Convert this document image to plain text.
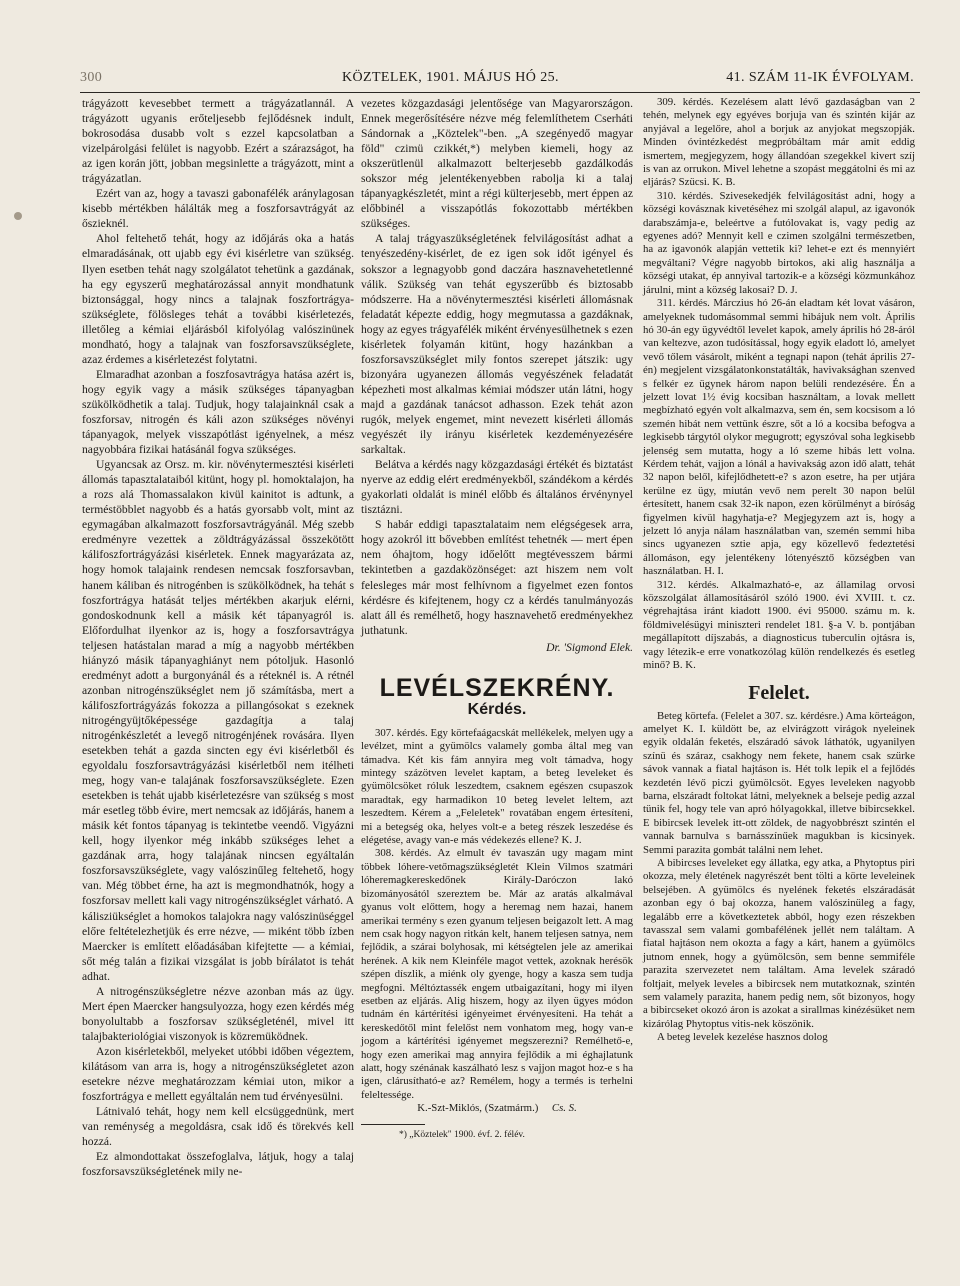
300	KÖZTELEK, 1901. MÁJUS HÓ 25.	41. SZÁM 11-IK ÉVFOLYAM.

trágyázott kevesebbet termett a trágyázatlannál. A trágyázott ugyanis erőteljesebb fejlődésnek indult, bokrosodása dusabb volt s ezzel kapcsolatban a vizelpárolgási felület is nagyobb. Ezért a szárazságot, ha az igen korán jött, jobban megsinlette a trágyázott, mint a trágyázatlan.

Ezért van az, hogy a tavaszi gabonafélék aránylagosan kisebb mértékben hálálták meg a foszforsavtrágyát az őszieknél.

Ahol feltehető tehát, hogy az időjárás oka a hatás elmaradásának, ott ujabb egy évi kisérletre van szükség. Ilyen esetben tehát nagy szolgálatot tehetünk a gazdának, ha egy egyszerű meghatározással annyit mondhatunk biztonsággal, hogy nincs a talajnak foszfortrágya-szükséglete, fölösleges tehát a további kisérletezés, illetőleg a kémiai eljárásból kifolyólag valószinünek mondható, hogy a talajnak van foszforsavszükséglete, azaz érdemes a kisérletezést folytatni.

Elmaradhat azonban a foszfosavtrágya hatása azért is, hogy egyik vagy a másik szükséges tápanyagban szükölködhetik a talaj. Tudjuk, hogy talajainknál csak a foszforsav, nitrogén és káli azon szükséges növényi tápanyagok, melyek visszapótlást igényelnek, a mész nagyobbára fizikai hatásánál fogva szükséges.

Ugyancsak az Orsz. m. kir. növénytermesztési kisérleti állomás tapasztalataiból kitünt, hogy pl. homoktalajon, ha a rozs alá Thomassalakon kivül kainitot is adtunk, a terméstöbblet nagyobb és a hatás gyorsabb volt, mint az egymagában alkalmazott foszforsavtrágyánál. Még szebb eredményre vezettek a zöldtrágyázással összekötött kálifoszfortrágyázási kisérletek. Ennek magyarázata az, hogy homok talajaink rendesen nemcsak foszforsavban, hanem káliban és nitrogénben is szükölködnek, ha tehát s foszfortrágya hatását teljes mértékben akarjuk elérni, gondoskodnunk kell a másik két tápanyagról is. Előfordulhat ilyenkor az is, hogy a foszforsavtrágya teljesen hatástalan marad a míg a nagyobb mértékben hiányzó másik tápanyaghiányt nem pótoljuk. Hasonló eredményt adott a burgonyánál és a réteknél is. A rétnél azonban nitrogénszükséglet nem jő számításba, mert a kálifoszfortrágyázás fokozza a pillangósokat s ezeknek nitrogéngyüjtőképessége gazdagítja a talaj nitrogénkészletét a levegő nitrogénjének rovására. Ilyen esetekben tehát a gazda sincten egy évi kisérletből és egyoldalu foszforsavtrágyázási kisérletből nem itélheti meg, hogy van-e talajának foszforsavszükséglete. Ezen esetekben is tehát ujabb kisérletezésre van szükség s most már esetleg több évire, mert nemcsak az időjárás, hanem a másik két fontos tápanyag is tekintetbe veendő. Vigyázni kell, hogy ilyenkor még inkább szükséges lehet a gazdának arra, hogy talajának nincsen egyáltalán foszforsavszükséglete, vagy valószinűleg feltehető, hogy van. Még többet érne, ha azt is megmondhatnók, hogy a foszforsav mellett kali vagy nitrogénszükséglet várható. A kálisziükséglet a homokos talajokra nagy valószinüséggel előre feltételezhetjük és erre nézve, — miként több ízben Maercker is említett előadásában kifejtette — a kémiai, sőt még talán a fizikai vizsgálat is jobb bírálatot is tehát adhat.

A nitrogénszükségletre nézve azonban más az ügy. Mert épen Maercker hangsulyozza, hogy ezen kérdés még bonyolultabb a foszforsav szükségleténél, mivel itt talajbakteriológiai viszonyok is közremüködnek.

Azon kisérletekből, melyeket utóbbi időben végeztem, kilátásom van arra is, hogy a nitrogénszükségletet azon esetekre nézve meghatározzam kémiai uton, mikor a foszfortrágya e mellett egyáltalán nem tud érvényesülni.

Látnivaló tehát, hogy nem kell elcsüggednünk, mert van reménység a megoldásra, csak idő és törekvés kell hozzá.

Ez almondottakat összefoglalva, látjuk, hogy a talaj foszforsavszükségletének mily ne-

vezetes közgazdasági jelentősége van Magyarországon. Ennek megerősítésére nézve még felemlíthetem Cserháti Sándornak a „Köztelek"-ben. „A szegényedő magyar föld" czimü czikkét,*) melyben kiemeli, hogy az okszerütlenül alkalmazott belterjesebb gazdálkodás sokszor még jelentékenyebben rabolja ki a talaj tápanyagkészletét, mint a régi külterjesebb, mert éppen az előbbinél a visszapótlás fokozottabb mértékben szükséges.

A talaj trágyaszükségletének felvilágosítást adhat a tenyészedény-kisérlet, de ez igen sok időt igényel és sokszor a legnagyobb gond daczára hasznavehetetlenné válik. Szükség van tehát egyszerűbb és biztosabb módszerre. Ha a növénytermesztési kisérleti állomásnak feladatát képezte eddig, hogy megmutassa a gazdáknak, hogy az egyes trágyafélék miként érvényesülhetnek s ezen kisérletek folyamán kitünt, hogy hazánkban a foszforsavszükséglet mily fontos szerepet játszik: ugy bizonyára ugyanezen állomás vegyészének feladatát képezheti most alkalmas kémiai módszer után látni, hogy majd a gazdának tanácsot adhasson. Ezek tehát azon rugók, melyek engemet, mint nevezett kisérleti állomás vegyészét ily irányu kisérletek kezdeményezésére sarkaltak.

Belátva a kérdés nagy közgazdasági értékét és biztatást nyerve az eddig elért eredményekből, szándékom a kérdés gyakorlati oldalát is minél előbb és általános érvénynyel tisztázni.

S habár eddigi tapasztalataim nem elégségesek arra, hogy azokról itt bővebben említést tehetnék — mert épen nem óhajtom, hogy időelőtt megtévesszem bármi tekintetben a gazdaközönséget: azt hiszem nem volt felesleges már most felhívnom a figyelmet ezen fontos kérdésre és kifejtenem, hogy cz a kérdés tanulmányozás alatt áll és remélhető, hogy hasznavehető eredményekhez juthatunk.

Dr. 'Sigmond Elek.

LEVÉLSZEKRÉNY.
Kérdés.

307. kérdés. Egy körtefaágacskát mellékelek, melyen ugy a levélzet, mint a gyümölcs valamely gomba által meg van támadva. Két kis fám annyira meg volt támadva, hogy mintegy százötven levelet kaptam, a beteg leveleket és gyümölcsöket róluk leszedtem, csaknem egészen csupaszok maradtak, egy harmadikon 10 beteg levelet leltem, azt leszedtem. Kérem a „Feleletek" rovatában engem értesíteni, mi a betegség oka, helyes volt-e a beteg részek leszedése és elégetése, avagy van-e más védekezés ellene? K. J.

308. kérdés. Az elmult év tavaszán ugy magam mint többek lóhere-vetőmagszükségletét Klein Vilmos szatmári lóheremagkereskedőnek Király-Daróczon lakó bizományosától szereztem be. Már az aratás alkalmával gyanus volt előttem, hogy a heremag nem hazai, hanem amerikai termény s ezen gyanum teljesen beigazolt lett. A mag nem csak hogy nagyon ritkán kelt, hanem teljesen satnya, nem fejlődik, a szárai bolyhosak, mi kétségtelen jele az amerikai herének. A kik nem Kleinféle magot vettek, azoknak herésök szépen díszlik, a miénk oly gyenge, hogy a kasza sem tudja megfogni. Méltóztassék engem utbaigazítani, hogy mi ilyen esetben az eljárás. Alig hiszem, hogy az ilyen ügyes módon tudnám én kártérítési igényeimet érvényesíteni. Ha tehát a kereskedőtől mint felelőst nem vonhatom meg, hogy van-e jogom a kártérítési igényemet megszerezni? Remélhető-e, hogy ezen amerikai mag annyira fejlődik a mi éghajlatunk alatt, hogy szénának kaszálható lesz s vajjon magot hoz-e s ha igen, clárusítható-e az? Remélem, hogy a termés is terhelni feleltessége.

K.-Szt-Miklós, (Szatmárm.) Cs. S.

*) „Köztelek" 1900. évf. 2. félév.

309. kérdés. Kezelésem alatt lévő gazdaságban van 2 tehén, melynek egy egyéves borjuja van és szintén kijár az anyjával a legelőre, ahol a borjuk az anyjokat megszopják. Minden óvintézkedést megpróbáltam már amit eddig ismertem, megjegyzem, hogy állandóan szegekkel kivert szíj is van az orrukon. Mivel lehetne a szopást meggátolni és mi az eljárás? Szücsi. K. B.

310. kérdés. Szivesekedjék felvilágosítást adni, hogy a községi kovásznak kivetéséhez mi szolgál alapul, az igavonók darabszámja-e, beleértve a futólovakat is, vagy pedig az egyenes adó? Mennyit kell e czimen szolgálni természetben, ha az igavonók alapján vettetik ki? lehet-e ezt és mennyiért megváltani? Végre nagyobb birtokos, aki alig használja a községi utakat, ép annyival tartozik-e a községi közmunkához járulni, mint a község lakosai? D. J.

311. kérdés. Márczius hó 26-án eladtam két lovat vásáron, amelyeknek tudomásommal semmi hibájuk nem volt. Április hó 30-án egy ügyvédtől levelet kapok, amely április hó 28-áról van keltezve, azon tudósítással, hogy egyik eladott ló, amelyet vevő tőlem vásárolt, miként a tegnapi napon (tehát április 27-én) megjelent vizsgálatonkonstatálták, havivaksághan szenved s felkér ez ügynek három napon belüli rendezésére. Én a jelzett lovat 1½ évig kocsiban használtam, a lovak mellett megbízható egyén volt alkalmazva, sem én, sem kocsisom a ló szemén hibát nem vettünk észre, sőt a ló a kocsiba befogva a legkisebb tárgytól olykor megugrott; egyszóval soha legkisebb jelenség sem mutatta, hogy a ló szeme hibás lett volna. Kérdem tehát, vajjon a lónál a havivakság azon idő alatt, tehát 32 napon belől, kifejlődhetett-e? s azon esetre, ha per utjára kerülne ez ügy, miután vevő nem perelt 30 napon belül értesített, hanem csak 32-ik napon, ezen körülményt a bíróság figyelmen kívül hagyhatja-e? Megjegyzem azt is, hogy a jelzett ló anyja nálam használatban van, szemén semmi hiba sincs ugyanezen sztie apja, egy közellevő fedeztetési állomáson, egy jelentékeny lótenyésztő községben van használatban. H. I.

312. kérdés. Alkalmazható-e, az államilag orvosi közszolgálat államosításáról szóló 1900. évi XVIII. t. cz. végrehajtása iránt kiadott 1900. évi 95000. számu m. k. földmivelésügyi miniszteri rendelet 181. §-a V. b. pontjában megállapított díjszabás, a diagnosticus tuberculin ojtásra is, vagy létezik-e erre vonatkozólag külön rendelkezés és esetleg minő? B. K.

Felelet.

Beteg körtefa. (Felelet a 307. sz. kérdésre.) Ama körteágon, amelyet K. I. küldött be, az elvirágzott virágok nyeleinek egyik oldalán feketés, elszáradó sávok láthatók, ugyanilyen színü és száraz, csakhogy nem fekete, hanem csak szürke sávok vannak a fiatal hajtáson is. Hét tolk lepik el a fejlődés kezdetén lévő piczi gyümölcsöt. Egyes leveleken nagyobb barna, elszáradt foltokat látni, melyeknek a belseje pedig azzal tünik fel, hogy tele van apró hólyagokkal, illetve bibircsekkel. E bibircsek levelek itt-ott zöldek, de nagyobbrészt szintén el vannak barnulva s barnásszínűek magukban is kicsinyek. Semmi parazita gombát találni nem lehet.

A bibircses leveleket egy állatka, egy atka, a Phytoptus piri okozza, mely életének nagyrészét bent tölti a körte leveleinek belsejében. A gyümölcs és nyelének feketés elszáradását azonban egy ó baj okozza, hanem valószinüleg a fagy, legalább erre a következtetek abból, hogy ezen részekben tavasszal sem valami gombafélének jellét nem találtam. A fiatal hajtáson nem okozta a fagy a kárt, hanem a gyümölcs jutnom ennek, hogy a gyümölcsön, sem benne semmiféle parazita szervezetet nem találtam. Ama levelek száradó foltjait, melyek leveles a bibircsek nem mutatkoznak, szintén sem valamely parazita, hanem pedig nem, sőt bizonyos, hogy a bibircseket okozó áron is azokat a sirallmas kinézésüket nem kizárólag Phytoptus vitis-nek köszönik.

A beteg levelek kezelése hasznos dolog
